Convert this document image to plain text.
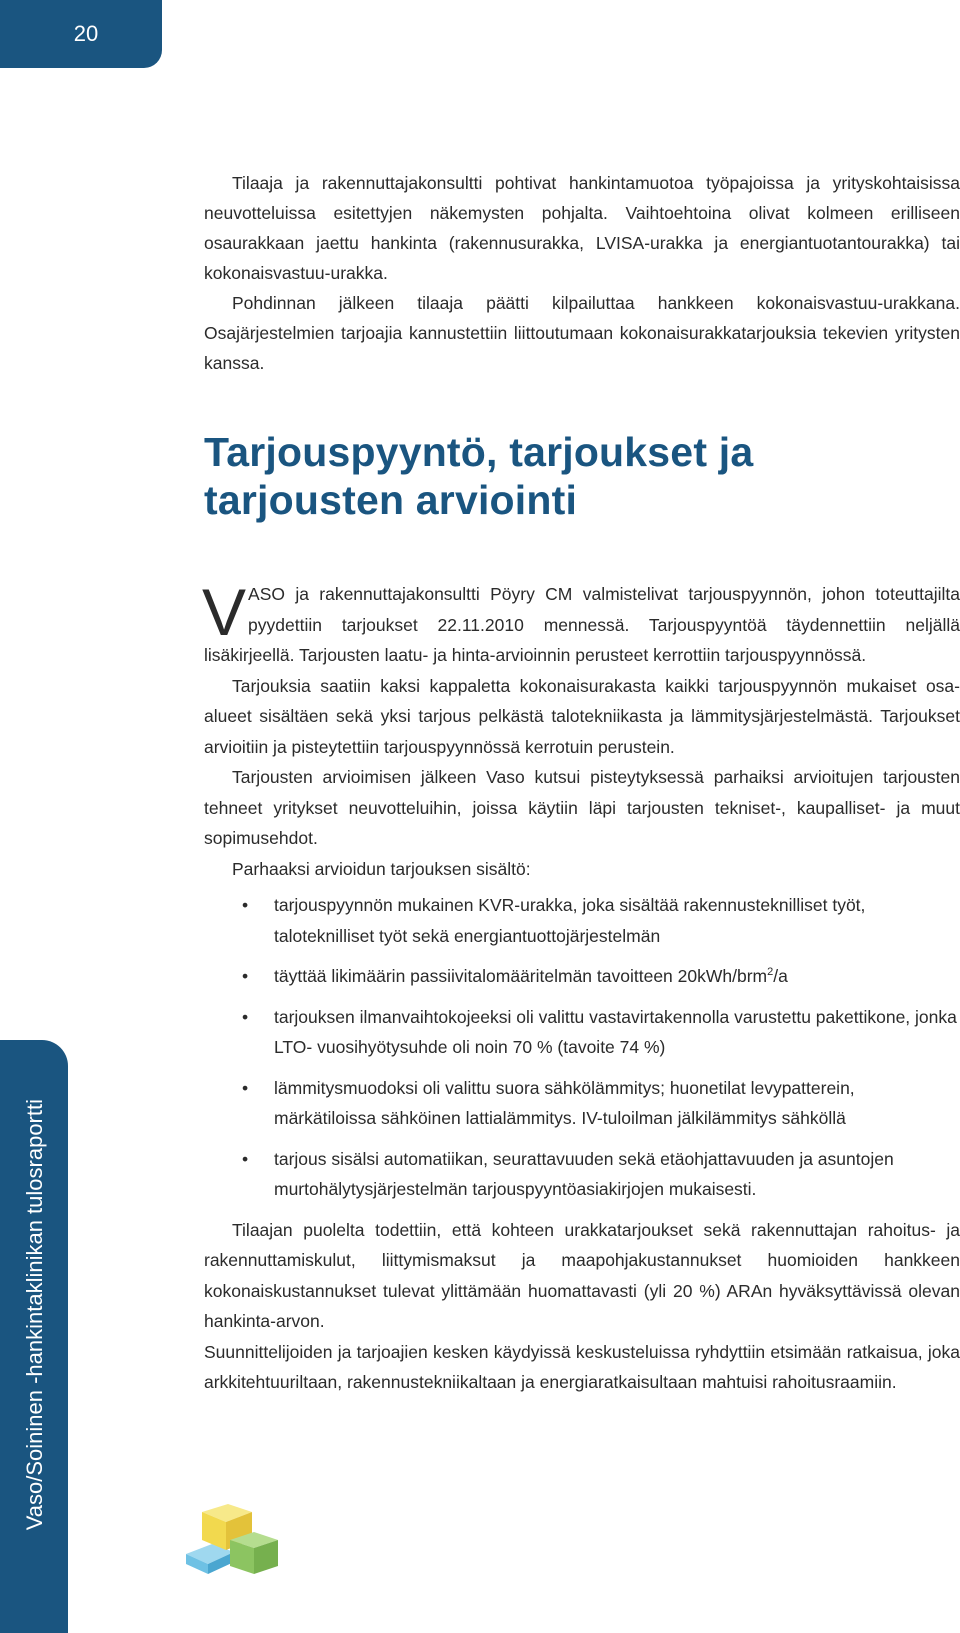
20

Tilaaja ja rakennuttajakonsultti pohtivat hankintamuotoa työpajoissa ja yrityskohtaisissa neuvotteluissa esitettyjen näkemysten pohjalta. Vaihtoehtoina olivat kolmeen erilliseen osaurakkaan jaettu hankinta (rakennusurakka, LVISA-urakka ja energiantuotantourakka) tai kokonaisvastuu-urakka.

Pohdinnan jälkeen tilaaja päätti kilpailuttaa hankkeen kokonaisvastuu-urakkana. Osajärjestelmien tarjoajia kannustettiin liittoutumaan kokonaisurakkatarjouksia tekevien yritysten kanssa.

Tarjouspyyntö, tarjoukset ja tarjousten arviointi

VASO ja rakennuttajakonsultti Pöyry CM valmistelivat tarjouspyynnön, johon toteuttajilta pyydettiin tarjoukset 22.11.2010 mennessä. Tarjouspyyntöä täydennettiin neljällä lisäkirjeellä. Tarjousten laatu- ja hinta-arvioinnin perusteet kerrottiin tarjouspyynnössä.

Tarjouksia saatiin kaksi kappaletta kokonaisurakasta kaikki tarjouspyynnön mukaiset osa-alueet sisältäen sekä yksi tarjous pelkästä talotekniikasta ja lämmitysjärjestelmästä. Tarjoukset arvioitiin ja pisteytettiin tarjouspyynnössä kerrotuin perustein.

Tarjousten arvioimisen jälkeen Vaso kutsui pisteytyksessä parhaiksi arvioitujen tarjousten tehneet yritykset neuvotteluihin, joissa käytiin läpi tarjousten tekniset-, kaupalliset- ja muut sopimusehdot.

Parhaaksi arvioidun tarjouksen sisältö:

• tarjouspyynnön mukainen KVR-urakka, joka sisältää rakennusteknilliset työt, taloteknilliset työt sekä energiantuottojärjestelmän
• täyttää likimäärin passiivitalomääritelmän tavoitteen 20kWh/brm$^2$/a
• tarjouksen ilmanvaihtokojeeksi oli valittu vastavirtakennolla varustettu pakettikone, jonka LTO- vuosihyötysuhde oli noin 70 % (tavoite 74 %)
• lämmitysmuodoksi oli valittu suora sähkölämmitys; huonetilat levypatterein, märkätiloissa sähköinen lattialämmitys. IV-tuloilman jälkilämmitys sähköllä
• tarjous sisälsi automatiikan, seurattavuuden sekä etäohjattavuuden ja asuntojen murtohälytysjärjestelmän tarjouspyyntöasiakirjojen mukaisesti.

Tilaajan puolelta todettiin, että kohteen urakkatarjoukset sekä rakennuttajan rahoitus- ja rakennuttamiskulut, liittymismaksut ja maapohjakustannukset huomioiden hankkeen kokonaiskustannukset tulevat ylittämään huomattavasti (yli 20 %) ARAn hyväksyttävissä olevan hankinta-arvon.

Suunnittelijoiden ja tarjoajien kesken käydyissä keskusteluissa ryhdyttiin etsimään ratkaisua, joka arkkitehtuuriltaan, rakennustekniikaltaan ja energiaratkaisultaan mahtuisi rahoitusraamiin.

Vaso/Soininen -hankintaklinikan tulosraportti
